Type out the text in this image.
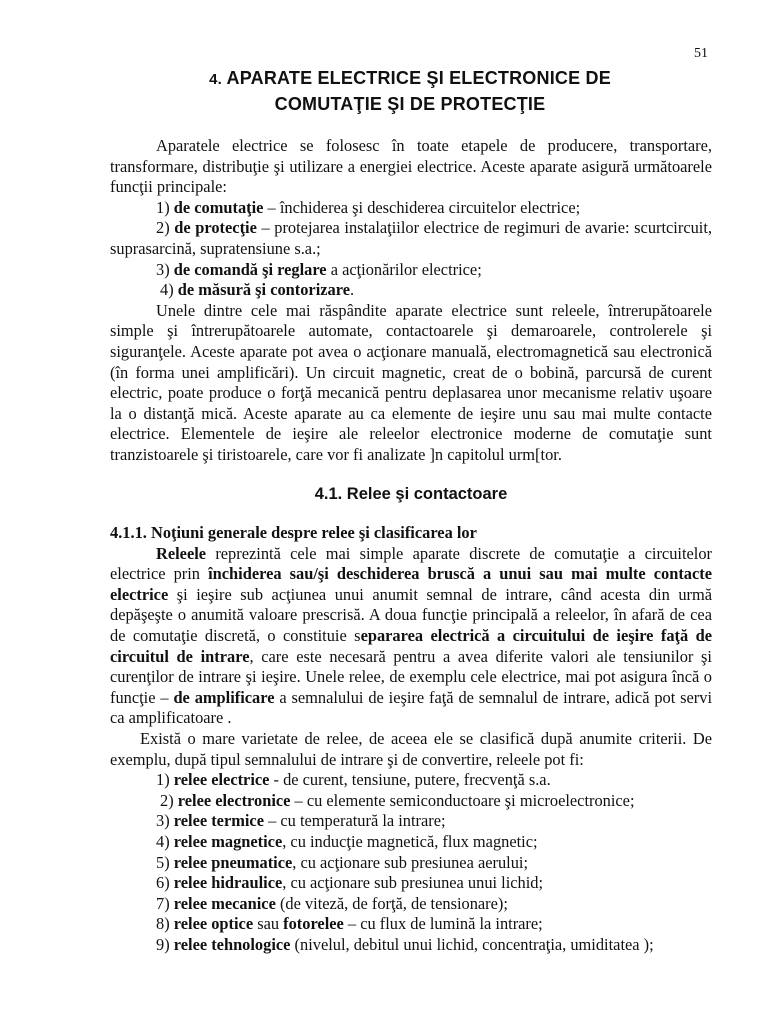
51
4. APARATE ELECTRICE ŞI ELECTRONICE DE
COMUTAŢIE ŞI DE PROTECŢIE

Aparatele electrice se folosesc în toate etapele de producere, transportare, transformare, distribuţie şi utilizare a energiei electrice. Aceste aparate asigură următoarele funcţii principale:

1) de comutaţie – închiderea şi deschiderea circuitelor electrice;

2) de protecţie – protejarea instalaţiilor electrice de regimuri de avarie: scurtcircuit, suprasarcină, supratensiune s.a.;

3) de comandă şi reglare a acţionărilor electrice;

4) de măsură şi contorizare.

Unele dintre cele mai răspândite aparate electrice sunt releele, întrerupătoarele simple şi întrerupătoarele automate, contactoarele şi demaroarele, controlerele şi siguranţele. Aceste aparate pot avea o acţionare manuală, electromagnetică sau electronică (în forma unei amplificări). Un circuit magnetic, creat de o bobină, parcursă de curent electric, poate produce o forţă mecanică pentru deplasarea unor mecanisme relativ uşoare la o distanţă mică. Aceste aparate au ca elemente de ieşire unu sau mai multe contacte electrice. Elementele de ieşire ale releelor electronice moderne de comutaţie sunt tranzistoarele şi tiristoarele, care vor fi analizate ]n capitolul urm[tor.

4.1. Relee şi contactoare

4.1.1. Noţiuni generale despre relee şi clasificarea lor

Releele reprezintă cele mai simple aparate discrete de comutaţie a circuitelor electrice prin închiderea sau/şi deschiderea bruscă a unui sau mai multe contacte electrice şi ieşire sub acţiunea unui anumit semnal de intrare, când acesta din urmă depăşeşte o anumită valoare prescrisă. A doua funcţie principală a releelor, în afară de cea de comutaţie discretă, o constituie separarea electrică a circuitului de ieşire faţă de circuitul de intrare, care este necesară pentru a avea diferite valori ale tensiunilor şi curenţilor de intrare şi ieşire. Unele relee, de exemplu cele electrice, mai pot asigura încă o funcţie – de amplificare a semnalului de ieşire faţă de semnalul de intrare, adică pot servi ca amplificatoare .

Există o mare varietate de relee, de aceea ele se clasifică după anumite criterii. De exemplu, după tipul semnalului de intrare şi de convertire, releele pot fi:

1) relee electrice - de curent, tensiune, putere, frecvenţă s.a.

2) relee electronice – cu elemente semiconductoare şi microelectronice;

3) relee termice – cu temperatură la intrare;

4) relee magnetice, cu inducţie magnetică, flux magnetic;

5) relee pneumatice, cu acţionare sub presiunea aerului;

6) relee hidraulice, cu acţionare sub presiunea unui lichid;

7) relee mecanice (de viteză, de forţă, de tensionare);

8) relee optice sau fotorelee – cu flux de lumină la intrare;

9) relee tehnologice (nivelul, debitul unui lichid, concentraţia, umiditatea );
